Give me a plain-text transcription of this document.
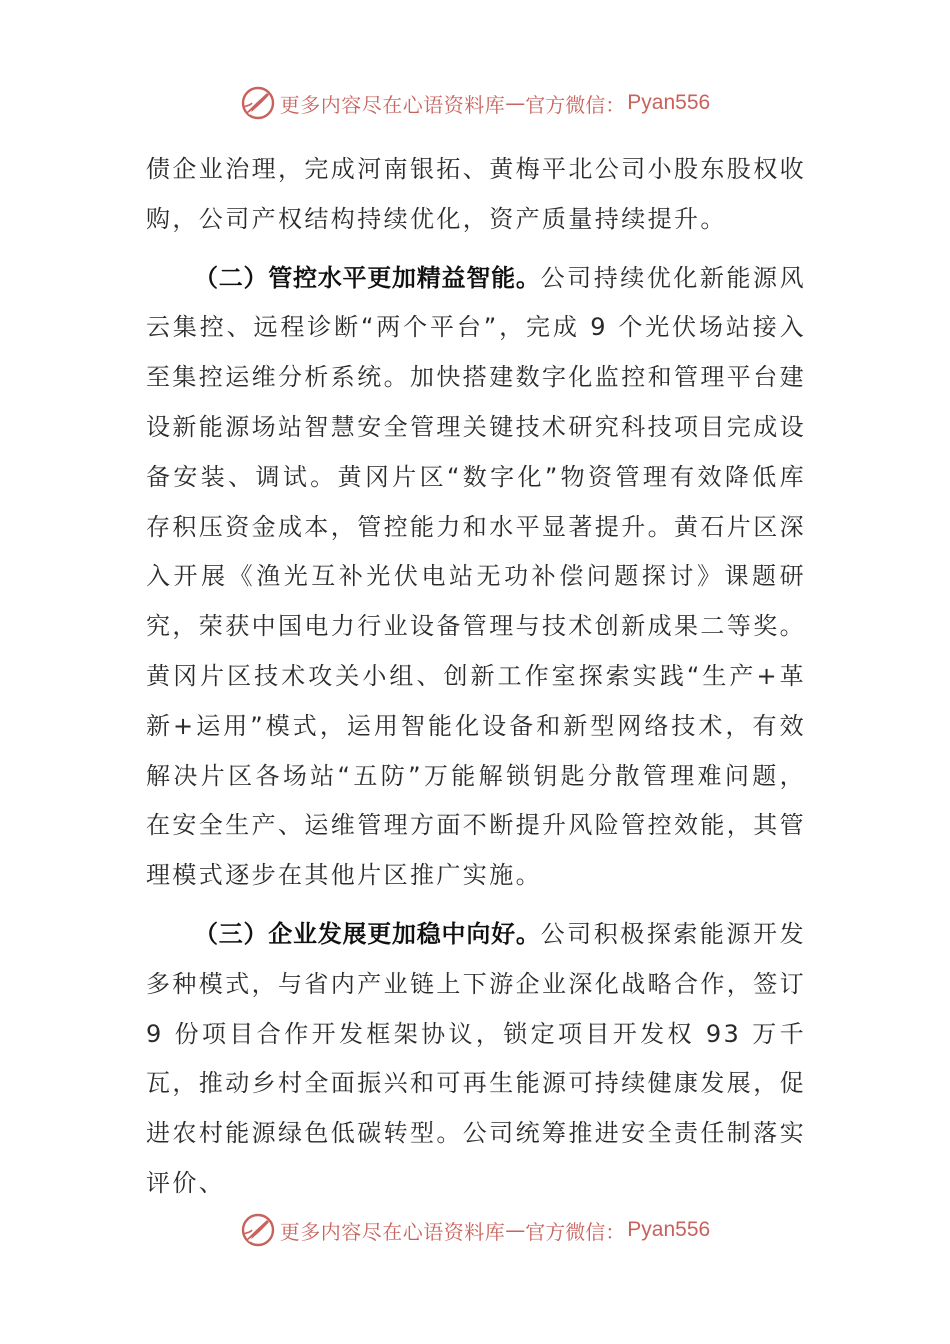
更多内容尽在心语资料库 — 官方微信： Pyan556

债企业治理，完成河南银拓、黄梅平北公司小股东股权收购，公司产权结构持续优化，资产质量持续提升。

（二）管控水平更加精益智能。公司持续优化新能源风云集控、远程诊断“两个平台”，完成 9 个光伏场站接入至集控运维分析系统。加快搭建数字化监控和管理平台建设新能源场站智慧安全管理关键技术研究科技项目完成设备安装、调试。黄冈片区“数字化”物资管理有效降低库存积压资金成本，管控能力和水平显著提升。黄石片区深入开展《渔光互补光伏电站无功补偿问题探讨》课题研究，荣获中国电力行业设备管理与技术创新成果二等奖。黄冈片区技术攻关小组、创新工作室探索实践“生产+革新+运用”模式，运用智能化设备和新型网络技术，有效解决片区各场站“五防”万能解锁钥匙分散管理难问题，在安全生产、运维管理方面不断提升风险管控效能，其管理模式逐步在其他片区推广实施。

（三）企业发展更加稳中向好。公司积极探索能源开发多种模式，与省内产业链上下游企业深化战略合作，签订 9 份项目合作开发框架协议，锁定项目开发权 93 万千瓦，推动乡村全面振兴和可再生能源可持续健康发展，促进农村能源绿色低碳转型。公司统筹推进安全责任制落实评价、

更多内容尽在心语资料库 — 官方微信： Pyan556
